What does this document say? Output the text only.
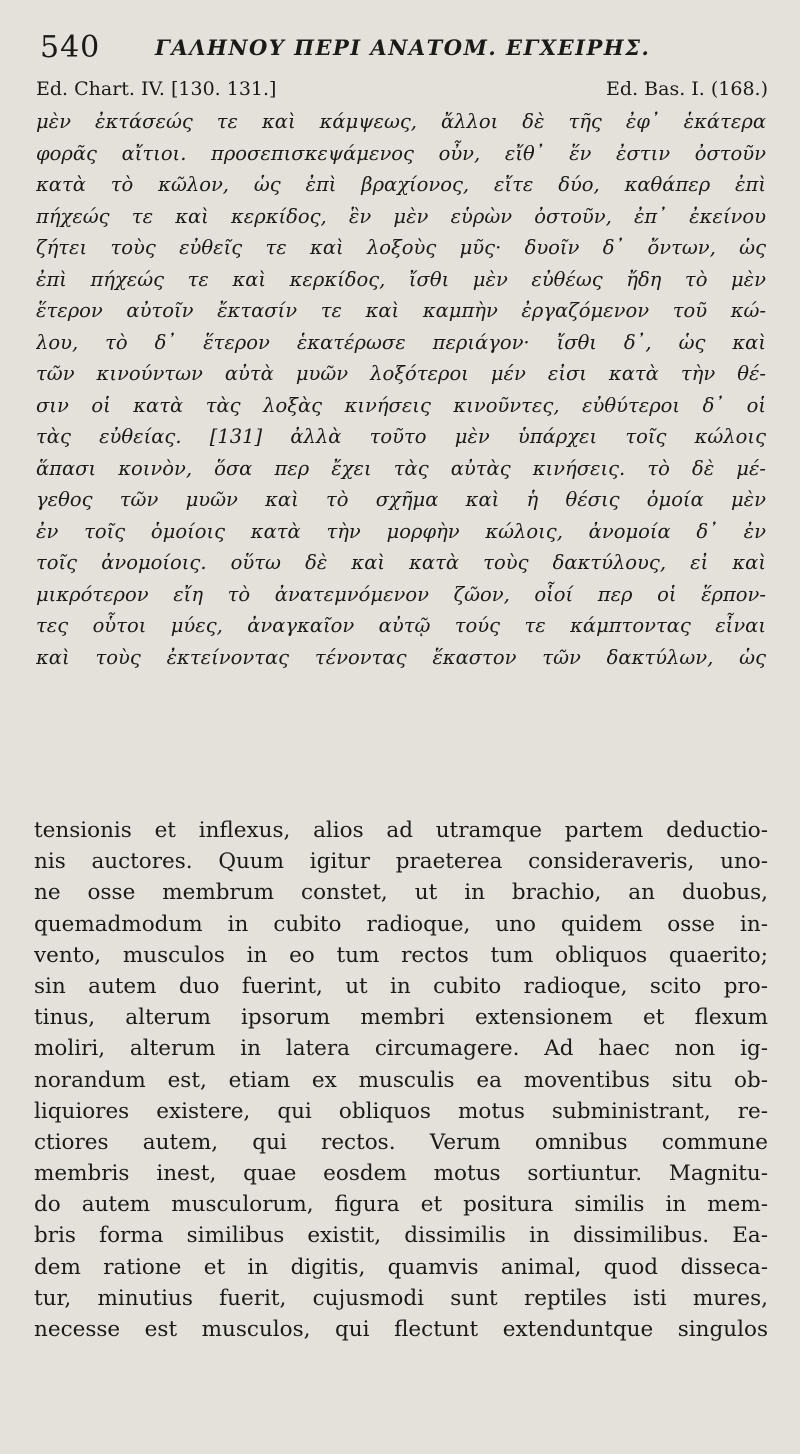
540	ΓΑΛΗΝΟΥ ΠΕΡΙ ΑΝΑΤΟΜ. ΕΓΧΕΙΡΗΣ.
Ed. Chart. IV. [130. 131.]	Ed. Bas. I. (168.)
μὲν ἐκτάσεώς τε καὶ κάμψεως, ἄλλοι δὲ τῆς ἐφ᾽ ἑκάτερα
φορᾶς αἴτιοι. προσεπισκεψάμενος οὖν, εἴθ᾽ ἕν ἐστιν ὀστοῦν
κατὰ τὸ κῶλον, ὡς ἐπὶ βραχίονος, εἴτε δύο, καθάπερ ἐπὶ
πήχεώς τε καὶ κερκίδος, ἓν μὲν εὑρὼν ὀστοῦν, ἐπ᾽ ἐκείνου
ζήτει τοὺς εὐθεῖς τε καὶ λοξοὺς μῦς· δυοῖν δ᾽ ὄντων, ὡς
ἐπὶ πήχεώς τε καὶ κερκίδος, ἴσθι μὲν εὐθέως ἤδη τὸ μὲν
ἕτερον αὐτοῖν ἔκτασίν τε καὶ καμπὴν ἐργαζόμενον τοῦ κώ-
λου, τὸ δ᾽ ἕτερον ἑκατέρωσε περιάγον· ἴσθι δ᾽, ὡς καὶ
τῶν κινούντων αὐτὰ μυῶν λοξότεροι μέν εἰσι κατὰ τὴν θέ-
σιν οἱ κατὰ τὰς λοξὰς κινήσεις κινοῦντες, εὐθύτεροι δ᾽ οἱ
τὰς εὐθείας. [131] ἀλλὰ τοῦτο μὲν ὑπάρχει τοῖς κώλοις
ἅπασι κοινὸν, ὅσα περ ἔχει τὰς αὐτὰς κινήσεις. τὸ δὲ μέ-
γεθος τῶν μυῶν καὶ τὸ σχῆμα καὶ ἡ θέσις ὁμοία μὲν
ἐν τοῖς ὁμοίοις κατὰ τὴν μορφὴν κώλοις, ἀνομοία δ᾽ ἐν
τοῖς ἀνομοίοις. οὕτω δὲ καὶ κατὰ τοὺς δακτύλους, εἰ καὶ
μικρότερον εἴη τὸ ἀνατεμνόμενον ζῶον, οἷοί περ οἱ ἕρπον-
τες οὗτοι μύες, ἀναγκαῖον αὐτῷ τούς τε κάμπτοντας εἶναι
καὶ τοὺς ἐκτείνοντας τένοντας ἕκαστον τῶν δακτύλων, ὡς
tensionis et inflexus, alios ad utramque partem deductio-
nis auctores. Quum igitur praeterea consideraveris, uno-
ne osse membrum constet, ut in brachio, an duobus,
quemadmodum in cubito radioque, uno quidem osse in-
vento, musculos in eo tum rectos tum obliquos quaerito;
sin autem duo fuerint, ut in cubito radioque, scito pro-
tinus, alterum ipsorum membri extensionem et flexum
moliri, alterum in latera circumagere. Ad haec non ig-
norandum est, etiam ex musculis ea moventibus situ ob-
liquiores existere, qui obliquos motus subministrant, re-
ctiores autem, qui rectos. Verum omnibus commune
membris inest, quae eosdem motus sortiuntur. Magnitu-
do autem musculorum, figura et positura similis in mem-
bris forma similibus existit, dissimilis in dissimilibus. Ea-
dem ratione et in digitis, quamvis animal, quod disseca-
tur, minutius fuerit, cujusmodi sunt reptiles isti mures,
necesse est musculos, qui flectunt extenduntque singulos
